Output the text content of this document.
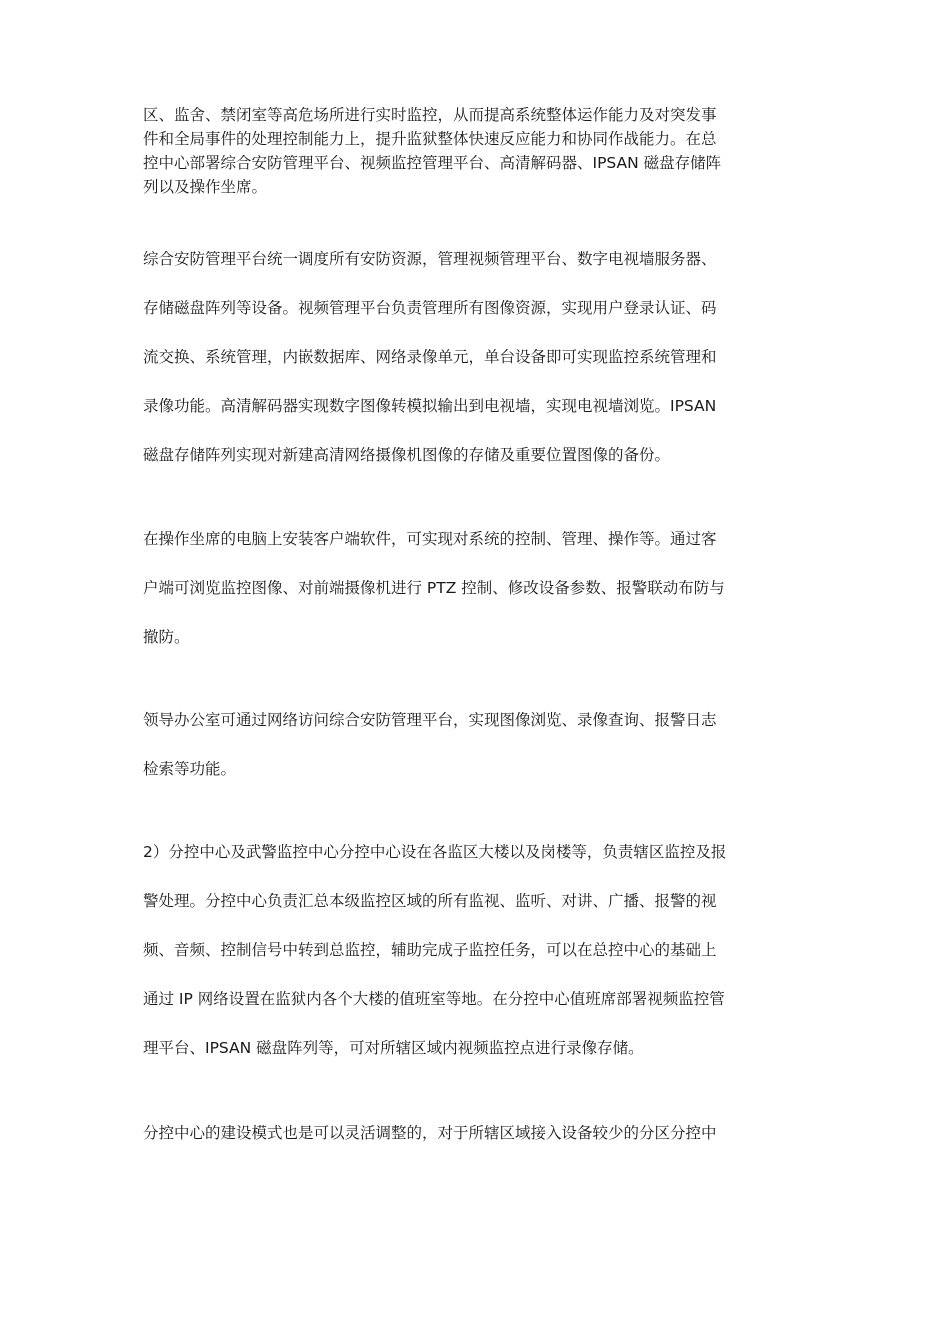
区、监舍、禁闭室等高危场所进行实时监控，从而提高系统整体运作能力及对突发事
件和全局事件的处理控制能力上，提升监狱整体快速反应能力和协同作战能力。在总
控中心部署综合安防管理平台、视频监控管理平台、高清解码器、IPSAN 磁盘存储阵
列以及操作坐席。

综合安防管理平台统一调度所有安防资源，管理视频管理平台、数字电视墙服务器、
存储磁盘阵列等设备。视频管理平台负责管理所有图像资源，实现用户登录认证、码
流交换、系统管理，内嵌数据库、网络录像单元，单台设备即可实现监控系统管理和
录像功能。高清解码器实现数字图像转模拟输出到电视墙，实现电视墙浏览。IPSAN
磁盘存储阵列实现对新建高清网络摄像机图像的存储及重要位置图像的备份。

在操作坐席的电脑上安装客户端软件，可实现对系统的控制、管理、操作等。通过客
户端可浏览监控图像、对前端摄像机进行 PTZ 控制、修改设备参数、报警联动布防与
撤防。

领导办公室可通过网络访问综合安防管理平台，实现图像浏览、录像查询、报警日志
检索等功能。

2）分控中心及武警监控中心分控中心设在各监区大楼以及岗楼等，负责辖区监控及报
警处理。分控中心负责汇总本级监控区域的所有监视、监听、对讲、广播、报警的视
频、音频、控制信号中转到总监控，辅助完成子监控任务，可以在总控中心的基础上
通过 IP 网络设置在监狱内各个大楼的值班室等地。在分控中心值班席部署视频监控管
理平台、IPSAN 磁盘阵列等，可对所辖区域内视频监控点进行录像存储。

分控中心的建设模式也是可以灵活调整的，对于所辖区域接入设备较少的分区分控中
